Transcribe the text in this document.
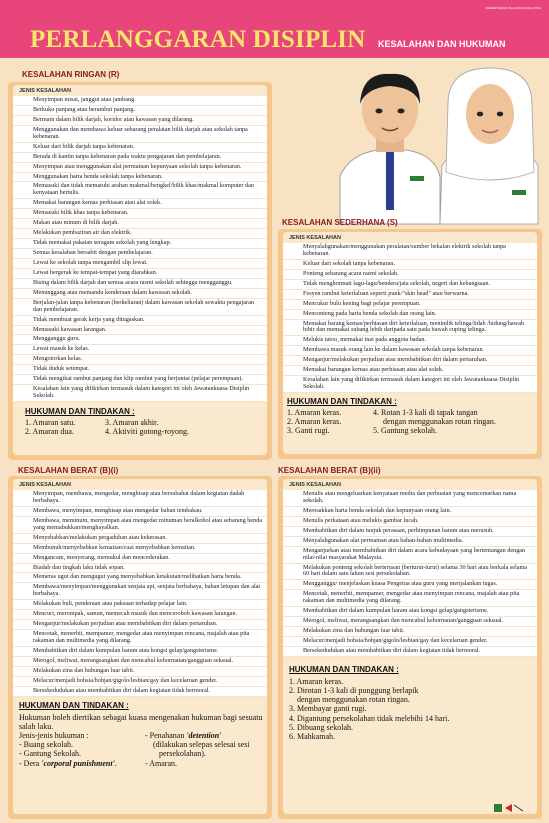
KEMENTERIAN PELAJARAN MALAYSIA
PERLANGGARAN DISIPLIN KESALAHAN DAN HUKUMAN
KESALAHAN RINGAN (R)
JENIS KESALAHAN
Menyimpan misai, janggut atau jambang.
Berkuku panjang atau berambut panjang.
Bermain dalam bilik darjah, koridor atau kawasan yang dilarang.
Menggunakan dan membawa keluar sebarang peralatan bilik darjah atau sekolah tanpa kebenaran.
Keluar dari bilik darjah tanpa kebenaran.
Berada di kantin tanpa kebenaran pada waktu pengajaran dan pembelajaran.
Menyimpan atau menggunakan alat permainan kepunyaan sekolah tanpa kebenaran.
Menggunakan harta benda sekolah tanpa kebenaran.
Memasuki dan tidak mematuhi arahan makmal/bengkel/bilik khas/makmal komputer dan kenyataan bertulis.
Memakai barangan kemas perhiasan atau alat solek.
Memasuki bilik khas tanpa kebenaran.
Makan atau minum di bilik darjah.
Melakukan pembaziran air dan elektrik.
Tidak memakai pakaian seragam sekolah yang lengkap.
Semua kesalahan bersabit dengan pembelajaran.
Lewat ke sekolah tanpa mengambil slip lewat.
Lewat bergerak ke tempat-tempat yang diarahkan.
Bising dalam bilik darjah dan semua acara rasmi sekolah sehingga mengganggu.
Menunggang atau memandu kenderaan dalam kawasan sekolah.
Berjalan-jalan tanpa kebenaran (berkeliaran) dalam kawasan sekolah sewaktu pengajaran dan pembelajaran.
Tidak membuat gerak kerja yang ditugaskan.
Memasuki kawasan larangan.
Mengganggu guru.
Lewat masuk ke kelas.
Mengotorkan kelas.
Tidak duduk setempat.
Tidak mengikat rambut panjang dan klip rambut yang berjuntai (pelajar perempuan).
Kesalahan lain yang difikirkan termasuk dalam kategori ini oleh Jawatankuasa Disiplin Sekolah.
HUKUMAN DAN TINDAKAN :
1. Amaran satu.
2. Amaran dua.
3. Amaran akhir.
4. Aktiviti gotong-royong.
KESALAHAN SEDERHANA (S)
JENIS KESALAHAN
Menyalahgunakan/menggunakan peralatan/sumber bekalan elektrik sekolah tanpa kebenaran.
Keluar dari sekolah tanpa kebenaran.
Ponteng sebarang acara rasmi sekolah.
Tidak menghormati lagu-lagu/bendera/jata sekolah, negeri dan kebangsaan.
Fesyen rambut keterlaluan seperti punk/"skin head" atau berwarna.
Mencukur bulu kening bagi pelajar perempuan.
Menconteng pada harta benda sekolah dan orang lain.
Memakai barang kemas/perhiasan diri keterlaluan, menindik telinga/lidah /hidung/bawah bibir dan memakai subang lebih daripada satu pada bawah cuping telinga.
Melukis tatoo, memakai inai pada anggota badan.
Membawa masuk orang lain ke dalam kawasan sekolah tanpa kebenaran.
Menganjur/melakukan perjudian atau membabitkan diri dalam pertaruhan.
Memakai barangan kemas atau perhiasan atau alat solek.
Kesalahan lain yang difikirkan termasuk dalam kategori ini oleh Jawatankuasa Disiplin Sekolah.
HUKUMAN DAN TINDAKAN :
1. Amaran keras.
2. Amaran keras.
3. Ganti rugi.
4. Rotan 1-3 kali di tapak tangan
dengan menggunakan rotan ringan.
5. Gantung sekolah.
KESALAHAN BERAT (B)(i)
JENIS KESALAHAN
Menyimpan, membawa, mengedar, menghisap atau bersubahat dalam kegiatan dadah berbahaya.
Membawa, menyimpan, menghisap atau mengedar bahan tembakau.
Membawa, meminum, menyimpan atau mengedar minuman beralkohol atau sebarang benda yang memabukkan/menghayalkan.
Menyebabkan/melakukan pergaduhan atau kekerasan.
Membunuh/menyebabkan kematian/cuai menyebabkan kematian.
Mengancam, menyerang, memukul dan mencederakan.
Biadab dan tingkah laku tidak sopan.
Memeras ugut dan mengugut yang menyebabkan ketakutan/melibatkan harta benda.
Membawa/menyimpan/menggunakan senjata api, senjata berbahaya, bahan letupan dan alat berbahaya.
Melakukan buli, penderaan atau paksaan terhadap pelajar lain.
Mencuri, merompak, samun, memecah masuk dan mencerobob kawasan larangan.
Menganjur/melakukan perjudian atau membabitkan diri dalam pertaruhan.
Mencetak, menerbit, mempamer, mengedar atau menyimpan rencana, majalah atau pita rakaman dan multimedia yang dilarang.
Membabitkan diri dalam kumpulan haram atau kongsi gelap/gangsterisme.
Merogol, meliwat, merangsangkan dan mencabul kehormatan/gangguan seksual.
Melakukan zina dan hubungan luar tabii.
Melacur/menjadi bohsia/bohjan/gigolo/lesbian/gay dan kecelaruan gender.
Bersekedudukan atau membabitkan diri dalam kegiatan tidak bermoral.
HUKUMAN DAN TINDAKAN :
Hukuman boleh diertikan sebagai kuasa mengenakan hukuman bagi sesuatu salah laku.
Jenis-jenis hukuman :
- Buang sekolah.
- Gantung Sekolah.
- Dera 'corporal punishment'.
- Penahanan 'detention'
(dilakukan selepas selesai sesi
persekolahan).
- Amaran.
KESALAHAN BERAT (B)(ii)
JENIS KESALAHAN
Menulis atau mengeluarkan kenyataan media dan perbuatan yang mencemarkan nama sekolah.
Merosakkan harta benda sekolah dan kepunyaan orang lain.
Menulis perkataan atau melukis gambar lucah.
Membabitkan diri dalam tunjuk perasaan, perhimpunan haram atau merusuh.
Menyalahgunakan alat permainan atau bahan-bahan multimedia.
Menganjurkan atau membabitkan diri dalam acara kebudayaan yang bertentangan dengan nilai-nilai masyarakat Malaysia.
Melakukan ponteng sekolah berterusan (berturut-turut) selama 30 hari atau berkala selama 60 hari dalam satu tahun sesi persekolahan.
Mengganggu/ menjelaskan kuasa Pengetua atau guru yang menjalankan tugas.
Mencetak, menerbit, mempamer, mengedar atau menyimpan rencana, majalah atau pita rakaman dan multimedia yang dilarang.
Membabitkan diri dalam kumpulan haram atau kongsi gelap/gangsterisme.
Merogol, meliwat, merangsangkan dan mencabul kehormatan/gangguan seksual.
Melakukan zina dan hubungan luar tabii.
Melacur/menjadi bohsia/bohjan/gigolo/lesbian/gay dan kecelaruan gender.
Bersekedudukan atau membabitkan diri dalam kegiatan tidak bermoral.
HUKUMAN DAN TINDAKAN :
1. Amaran keras.
2. Dirotan 1-3 kali di punggung berlapik
dengan menggunakan rotan ringan.
3. Membayar ganti rugi.
4. Digantung persekolahan tidak melebihi 14 hari.
5. Dibuang sekolah.
6. Mahkamah.
